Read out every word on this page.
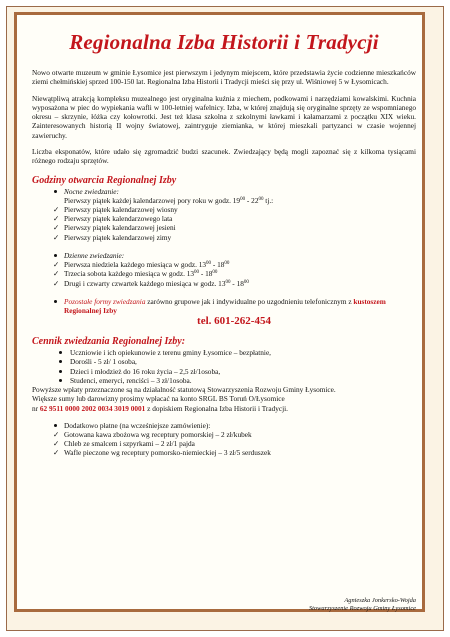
Regionalna Izba Historii i Tradycji

Nowo otwarte muzeum w gminie Łysomice jest pierwszym i jedynym miejscem, które przedstawia życie codzienne mieszkańców ziemi chełmińskiej sprzed 100-150 lat. Regionalna Izba Historii i Tradycji mieści się przy ul. Wiśniowej 5 w Łysomicach.

Niewątpliwą atrakcją kompleksu muzealnego jest oryginalna kuźnia z miechem, podkowami i narzędziami kowalskimi. Kuchnia wyposażona w piec do wypiekania wafli w 100-letniej wafelnicy. Izba, w której znajdują się oryginalne sprzęty ze wspomnianego okresu – skrzynie, łóżka czy kołowrotki. Jest też klasa szkolna z szkolnymi ławkami i kałamarzami z początku XIX wieku. Zainteresowanych historią II wojny światowej, zaintryguje ziemianka, w której mieszkali partyzanci w czasie wojennej zawieruchy.

Liczba eksponatów, które udało się zgromadzić budzi szacunek. Zwiedzający będą mogli zapoznać się z kilkoma tysiącami różnego rodzaju sprzętów.

Godziny otwarcia Regionalnej Izby
Nocne zwiedzanie:
Pierwszy piątek każdej kalendarzowej pory roku w godz. $19^{00} - 22^{00}$ tj.:
✓ Pierwszy piątek kalendarzowej wiosny
✓ Pierwszy piątek kalendarzowego lata
✓ Pierwszy piątek kalendarzowej jesieni
✓ Pierwszy piątek kalendarzowej zimy
Dzienne zwiedzanie:
✓ Pierwsza niedziela każdego miesiąca w godz. $13^{00} - 18^{00}$
✓ Trzecia sobota każdego miesiąca w godz. $13^{00} - 18^{00}$
✓ Drugi i czwarty czwartek każdego miesiąca w godz. $13^{00} - 18^{00}$
Pozostałe formy zwiedzania zarówno grupowe jak i indywidualne po uzgodnieniu telefonicznym z kustoszem Regionalnej Izby
tel. 601-262-454
Cennik zwiedzania Regionalnej Izby:
Uczniowie i ich opiekunowie z terenu gminy Łysomice – bezpłatnie,
Dorośli - 5 zł/ 1 osoba,
Dzieci i młodzież do 16 roku życia – 2,5 zł/1osoba,
Studenci, emeryci, renciści – 3 zł/1osoba.

Powyższe wpłaty przeznaczone są na działalność statutową Stowarzyszenia Rozwoju Gminy Łysomice.

Większe sumy lub darowizny prosimy wpłacać na konto SRGL BS Toruń O/Łysomice
nr 62 9511 0000 2002 0034 3019 0001 z dopiskiem Regionalna Izba Historii i Tradycji.

Dodatkowo płatne (na wcześniejsze zamówienie):
✓ Gotowana kawa zbożowa wg receptury pomorskiej – 2 zł/kubek
✓ Chleb ze smalcem i szpyrkami – 2 zł/1 pajda
✓ Wafle pieczone wg receptury pomorsko-niemieckiej – 3 zł/5 serduszek
Agnieszka Jonkersko-Wojda
Stowarzyszenie Rozwoju Gminy Łysomice
